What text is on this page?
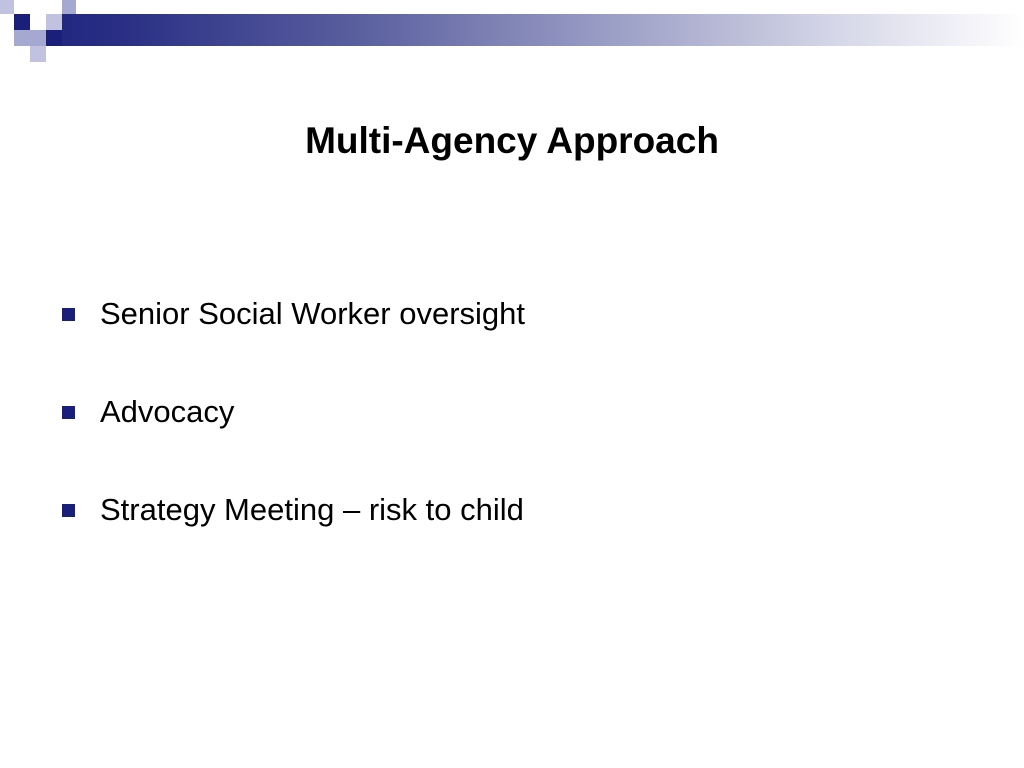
Multi-Agency Approach
Senior Social Worker oversight
Advocacy
Strategy Meeting – risk to child
